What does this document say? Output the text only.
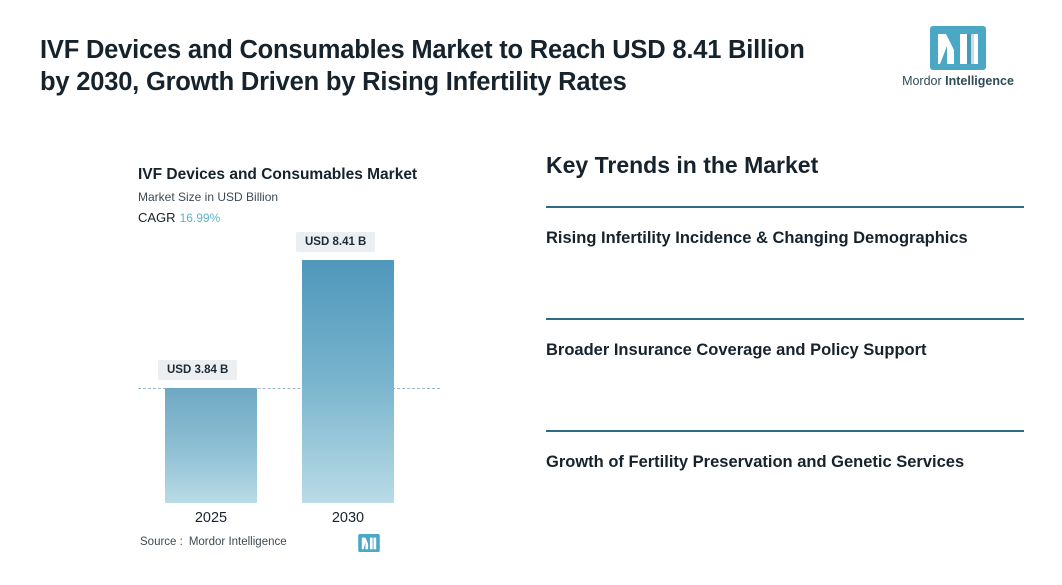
IVF Devices and Consumables Market to Reach USD 8.41 Billion by 2030, Growth Driven by Rising Infertility Rates	Mordor Intelligence
IVF Devices and Consumables Market
Market Size in USD Billion
CAGR 16.99%
USD 3.84 B
USD 8.41 B
2025	2030
Source : Mordor Intelligence
Key Trends in the Market
Rising Infertility Incidence & Changing Demographics
Broader Insurance Coverage and Policy Support
Growth of Fertility Preservation and Genetic Services
